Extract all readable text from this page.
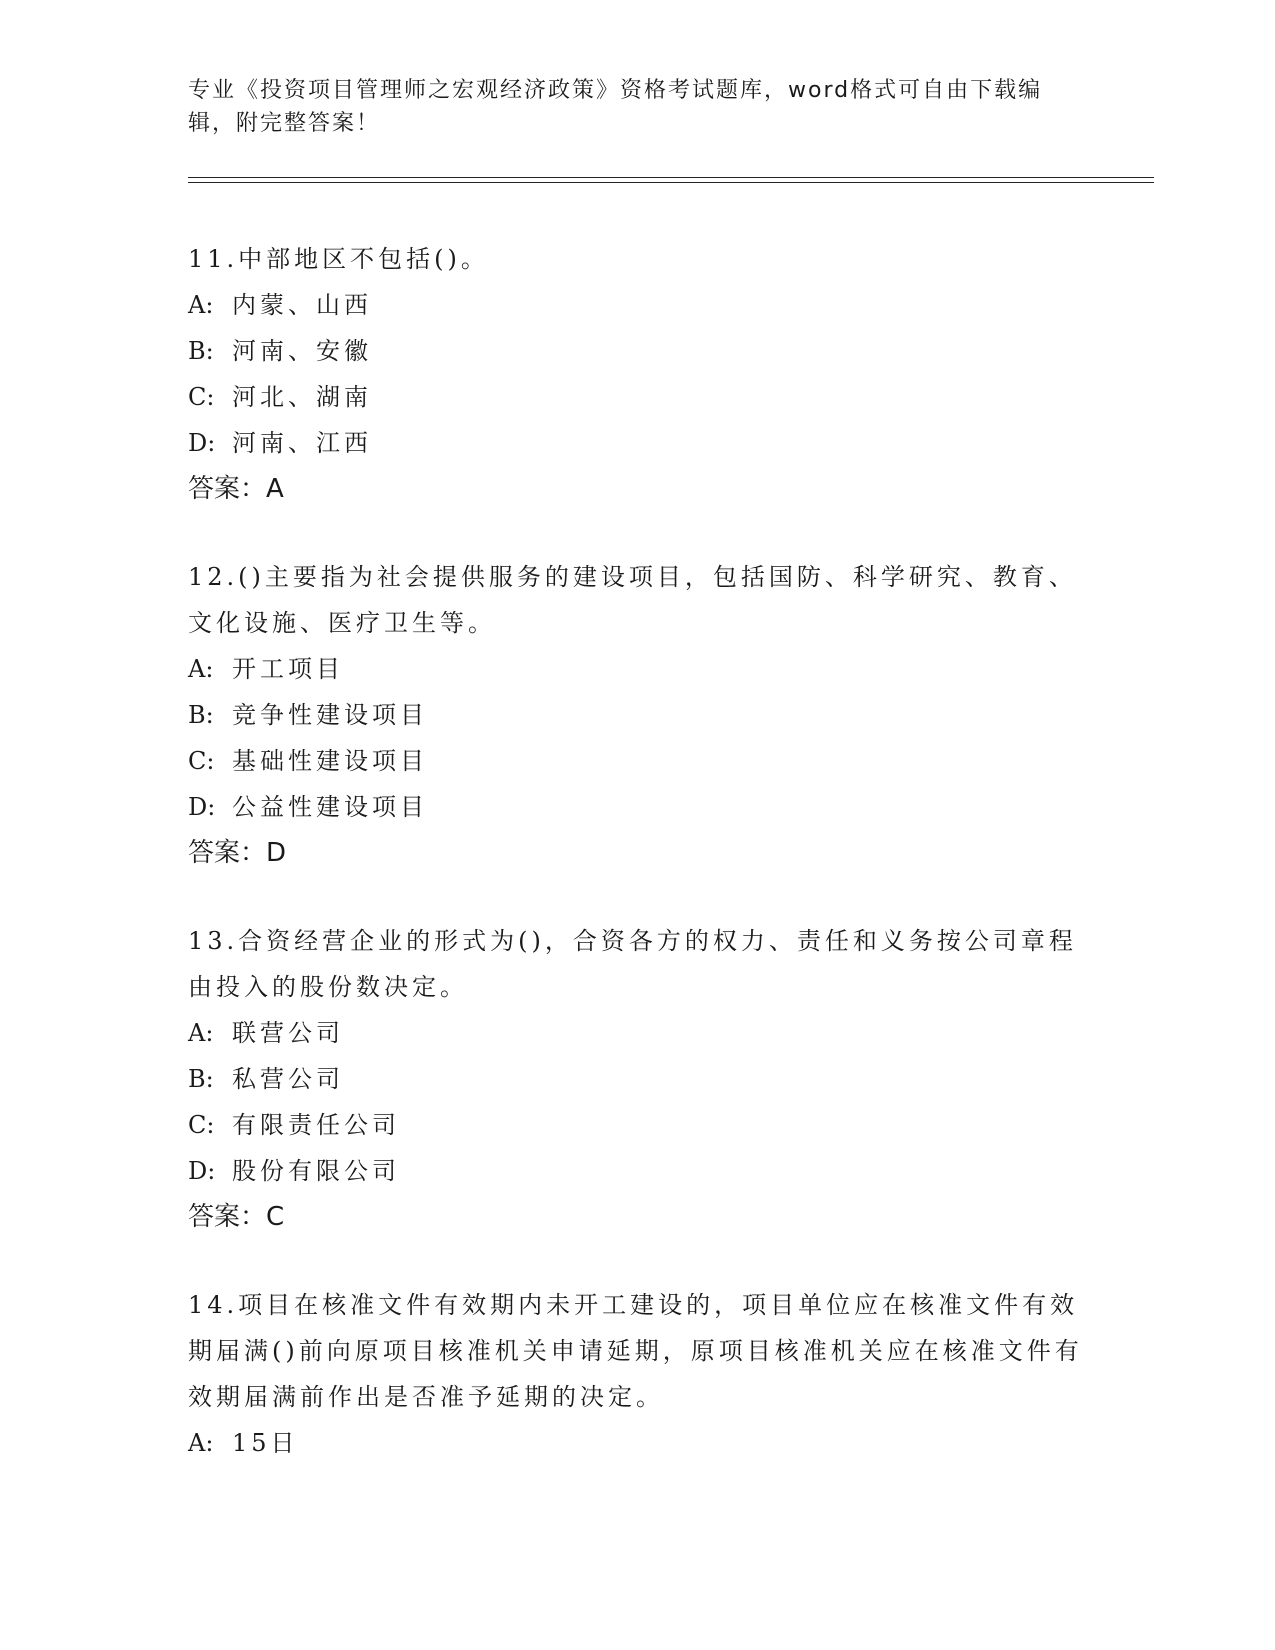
专业《投资项目管理师之宏观经济政策》资格考试题库，word格式可自由下载编辑，附完整答案！

11.中部地区不包括()。

A: 内蒙、山西

B: 河南、安徽

C: 河北、湖南

D: 河南、江西

答案：A

12.()主要指为社会提供服务的建设项目，包括国防、科学研究、教育、文化设施、医疗卫生等。

A: 开工项目

B: 竞争性建设项目

C: 基础性建设项目

D: 公益性建设项目

答案：D

13.合资经营企业的形式为()，合资各方的权力、责任和义务按公司章程由投入的股份数决定。

A: 联营公司

B: 私营公司

C: 有限责任公司

D: 股份有限公司

答案：C

14.项目在核准文件有效期内未开工建设的，项目单位应在核准文件有效期届满()前向原项目核准机关申请延期，原项目核准机关应在核准文件有效期届满前作出是否准予延期的决定。

A: 15日
